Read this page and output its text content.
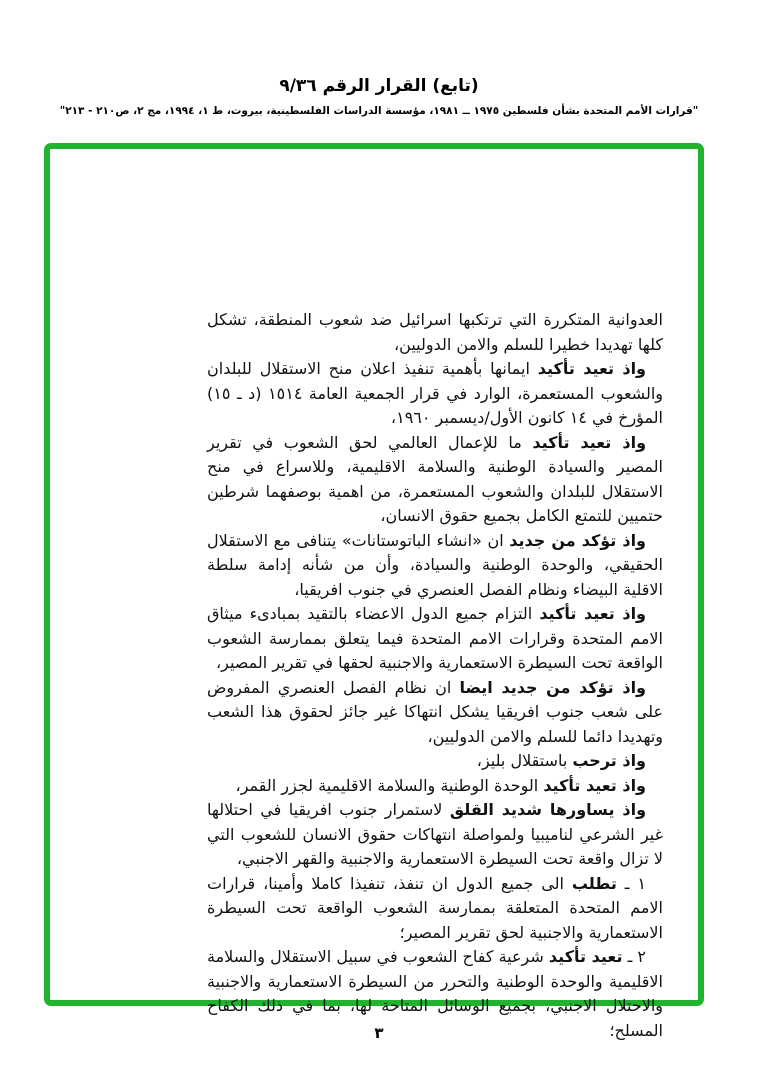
(تابع) القرار الرقم ٩/٣٦
"قرارات الأمم المتحدة بشأن فلسطين ١٩٧٥ ــ ١٩٨١، مؤسسة الدراسات الفلسطينية، بيروت، ط ١، ١٩٩٤، مج ٢، ص٢١٠ - ٢١٣"

العدوانية المتكررة التي ترتكبها اسرائيل ضد شعوب المنطقة، تشكل كلها تهديدا خطيرا للسلم والامن الدوليين،

واذ تعيد تأكيد ايمانها بأهمية تنفيذ اعلان منح الاستقلال للبلدان والشعوب المستعمرة، الوارد في قرار الجمعية العامة ١٥١٤ (د ـ ١٥) المؤرخ في ١٤ كانون الأول/ديسمبر ١٩٦٠،

واذ تعيد تأكيد ما للإعمال العالمي لحق الشعوب في تقرير المصير والسيادة الوطنية والسلامة الاقليمية، وللاسراع في منح الاستقلال للبلدان والشعوب المستعمرة، من اهمية بوصفهما شرطين حتميين للتمتع الكامل بجميع حقوق الانسان،

واذ تؤكد من جديد ان «انشاء الباتوستانات» يتنافى مع الاستقلال الحقيقي، والوحدة الوطنية والسيادة، وأن من شأنه إدامة سلطة الاقلية البيضاء ونظام الفصل العنصري في جنوب افريقيا،

واذ تعيد تأكيد التزام جميع الدول الاعضاء بالتقيد بمبادىء ميثاق الامم المتحدة وقرارات الامم المتحدة فيما يتعلق بممارسة الشعوب الواقعة تحت السيطرة الاستعمارية والاجنبية لحقها في تقرير المصير،

واذ تؤكد من جديد ايضا ان نظام الفصل العنصري المفروض على شعب جنوب افريقيا يشكل انتهاكا غير جائز لحقوق هذا الشعب وتهديدا دائما للسلم والامن الدوليين،

واذ ترحب باستقلال بليز،

واذ تعيد تأكيد الوحدة الوطنية والسلامة الاقليمية لجزر القمر،

واذ يساورها شديد القلق لاستمرار جنوب افريقيا في احتلالها غير الشرعي لناميبيا ولمواصلة انتهاكات حقوق الانسان للشعوب التي لا تزال واقعة تحت السيطرة الاستعمارية والاجنبية والقهر الاجنبي،

١ ـ تطلب الى جميع الدول ان تنفذ، تنفيذا كاملا وأمينا، قرارات الامم المتحدة المتعلقة بممارسة الشعوب الواقعة تحت السيطرة الاستعمارية والاجنبية لحق تقرير المصير؛

٢ ـ تعيد تأكيد شرعية كفاح الشعوب في سبيل الاستقلال والسلامة الاقليمية والوحدة الوطنية والتحرر من السيطرة الاستعمارية والاجنبية والاحتلال الاجنبي، بجميع الوسائل المتاحة لها، بما في ذلك الكفاح المسلح؛

٣
